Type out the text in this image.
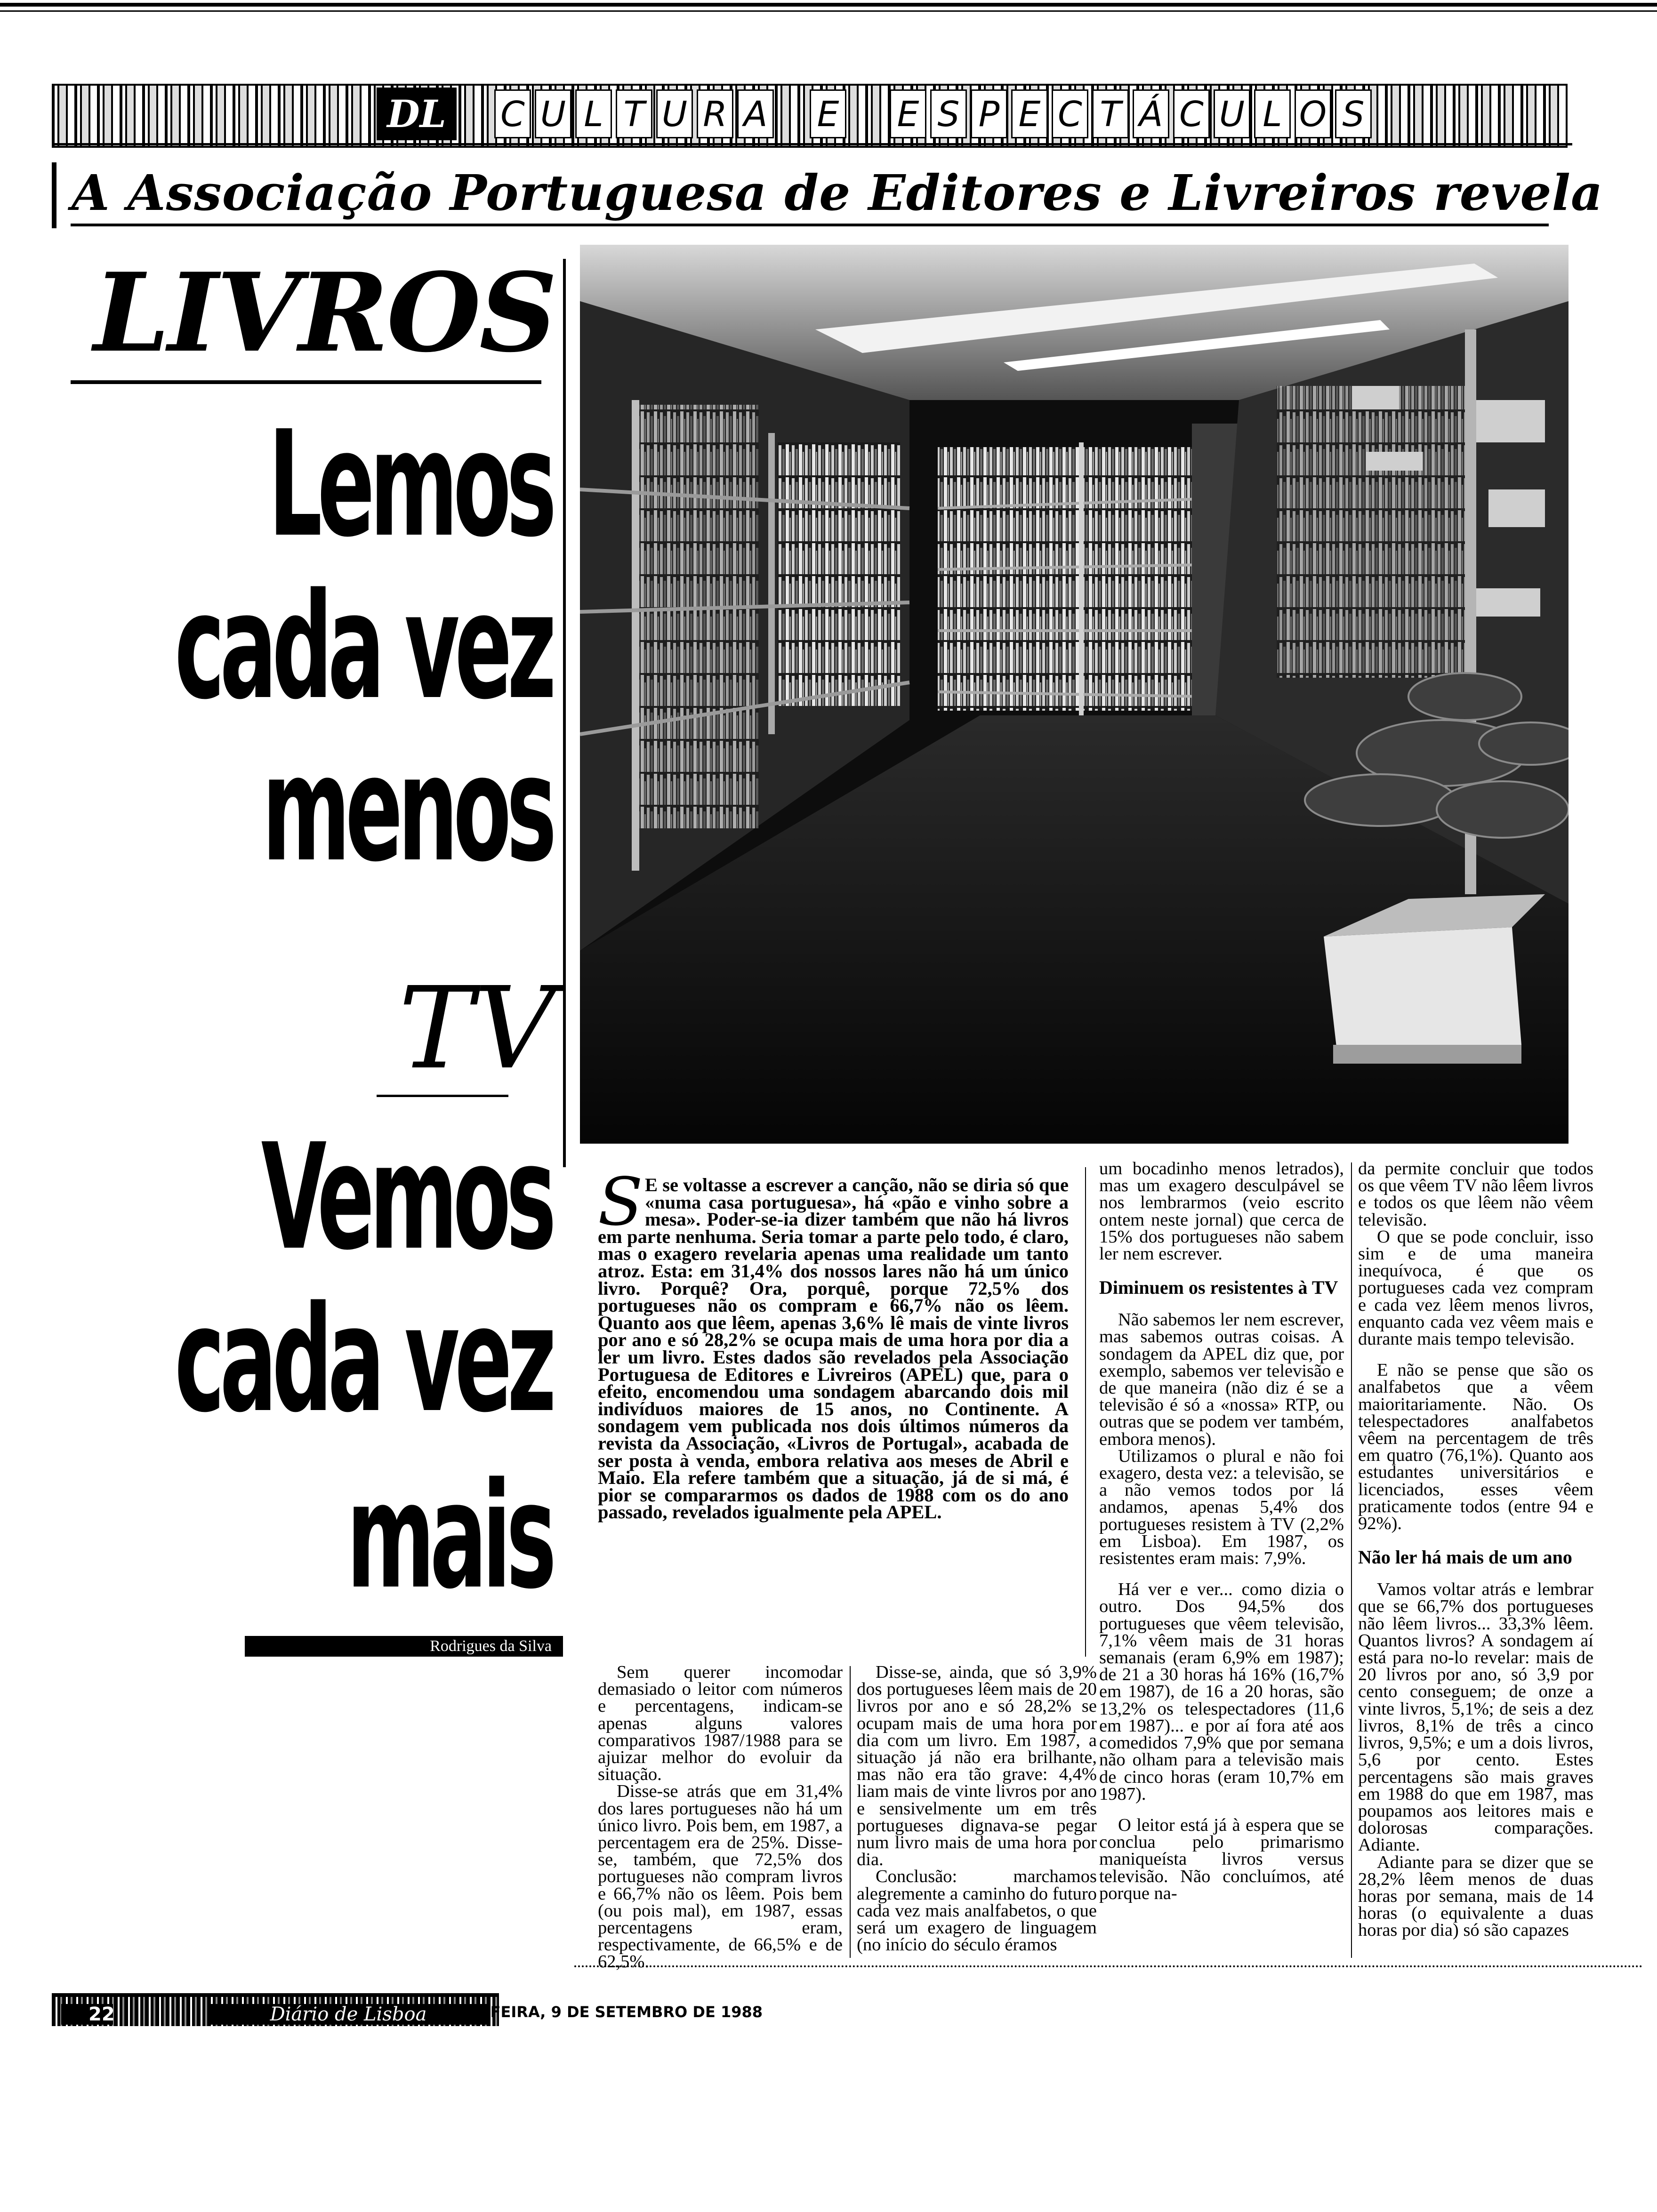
DL C U L T U R A E E S P E C T Á C U L O S
A Associação Portuguesa de Editores e Livreiros revela
LIVROS
Lemos
cada vez
menos
TV
Vemos
cada vez
mais
Rodrigues da Silva
S E se voltasse a escrever a canção, não se diria só que «numa casa portuguesa», há «pão e vinho sobre a mesa». Poder-se-ia dizer também que não há livros em parte nenhuma. Seria tomar a parte pelo todo, é claro, mas o exagero revelaria apenas uma realidade um tanto atroz. Esta: em 31,4% dos nossos lares não há um único livro. Porquê? Ora, porquê, porque 72,5% dos portugueses não os compram e 66,7% não os lêem. Quanto aos que lêem, apenas 3,6% lê mais de vinte livros por ano e só 28,2% se ocupa mais de uma hora por dia a ler um livro. Estes dados são revelados pela Associação Portuguesa de Editores e Livreiros (APEL) que, para o efeito, encomendou uma sondagem abarcando dois mil indivíduos maiores de 15 anos, no Continente. A sondagem vem publicada nos dois últimos números da revista da Associação, «Livros de Portugal», acabada de ser posta à venda, embora relativa aos meses de Abril e Maio. Ela refere também que a situação, já de si má, é pior se compararmos os dados de 1988 com os do ano passado, revelados igualmente pela APEL.

Sem querer incomodar demasiado o leitor com números e percentagens, indicam-se apenas alguns valores comparativos 1987/1988 para se ajuizar melhor do evoluir da situação.

Disse-se atrás que em 31,4% dos lares portugueses não há um único livro. Pois bem, em 1987, a percentagem era de 25%. Disse-se, também, que 72,5% dos portugueses não compram livros e 66,7% não os lêem. Pois bem (ou pois mal), em 1987, essas percentagens eram, respectivamente, de 66,5% e de 62,5%.

Disse-se, ainda, que só 3,9% dos portugueses lêem mais de 20 livros por ano e só 28,2% se ocupam mais de uma hora por dia com um livro. Em 1987, a situação já não era brilhante, mas não era tão grave: 4,4% liam mais de vinte livros por ano e sensivelmente um em três portugueses dignava-se pegar num livro mais de uma hora por dia.

Conclusão: marchamos alegremente a caminho do futuro cada vez mais analfabetos, o que será um exagero de linguagem (no início do século éramos

um bocadinho menos letrados), mas um exagero desculpável se nos lembrarmos (veio escrito ontem neste jornal) que cerca de 15% dos portugueses não sabem ler nem escrever.

Diminuem os resistentes à TV

Não sabemos ler nem escrever, mas sabemos outras coisas. A sondagem da APEL diz que, por exemplo, sabemos ver televisão e de que maneira (não diz é se a televisão é só a «nossa» RTP, ou outras que se podem ver também, embora menos).

Utilizamos o plural e não foi exagero, desta vez: a televisão, se a não vemos todos por lá andamos, apenas 5,4% dos portugueses resistem à TV (2,2% em Lisboa). Em 1987, os resistentes eram mais: 7,9%.

Há ver e ver... como dizia o outro. Dos 94,5% dos portugueses que vêem televisão, 7,1% vêem mais de 31 horas semanais (eram 6,9% em 1987); de 21 a 30 horas há 16% (16,7% em 1987), de 16 a 20 horas, são 13,2% os telespectadores (11,6 em 1987)... e por aí fora até aos comedidos 7,9% que por semana não olham para a televisão mais de cinco horas (eram 10,7% em 1987).

O leitor está já à espera que se conclua pelo primarismo maniqueísta livros versus televisão. Não concluímos, até porque na-

da permite concluir que todos os que vêem TV não lêem livros e todos os que lêem não vêem televisão.

O que se pode concluir, isso sim e de uma maneira inequívoca, é que os portugueses cada vez compram e cada vez lêem menos livros, enquanto cada vez vêem mais e durante mais tempo televisão.

E não se pense que são os analfabetos que a vêem maioritariamente. Não. Os telespectadores analfabetos vêem na percentagem de três em quatro (76,1%). Quanto aos estudantes universitários e licenciados, esses vêem praticamente todos (entre 94 e 92%).

Não ler há mais de um ano

Vamos voltar atrás e lembrar que se 66,7% dos portugueses não lêem livros... 33,3% lêem. Quantos livros? A sondagem aí está para no-lo revelar: mais de 20 livros por ano, só 3,9 por cento conseguem; de onze a vinte livros, 5,1%; de seis a dez livros, 8,1% de três a cinco livros, 9,5%; e um a dois livros, 5,6 por cento. Estes percentagens são mais graves em 1988 do que em 1987, mas poupamos aos leitores mais e dolorosas comparações. Adiante.

Adiante para se dizer que se 28,2% lêem menos de duas horas por semana, mais de 14 horas (o equivalente a duas horas por dia) só são capazes

22	Diário de Lisboa SEXTA-FEIRA, 9 DE SETEMBRO DE 1988
